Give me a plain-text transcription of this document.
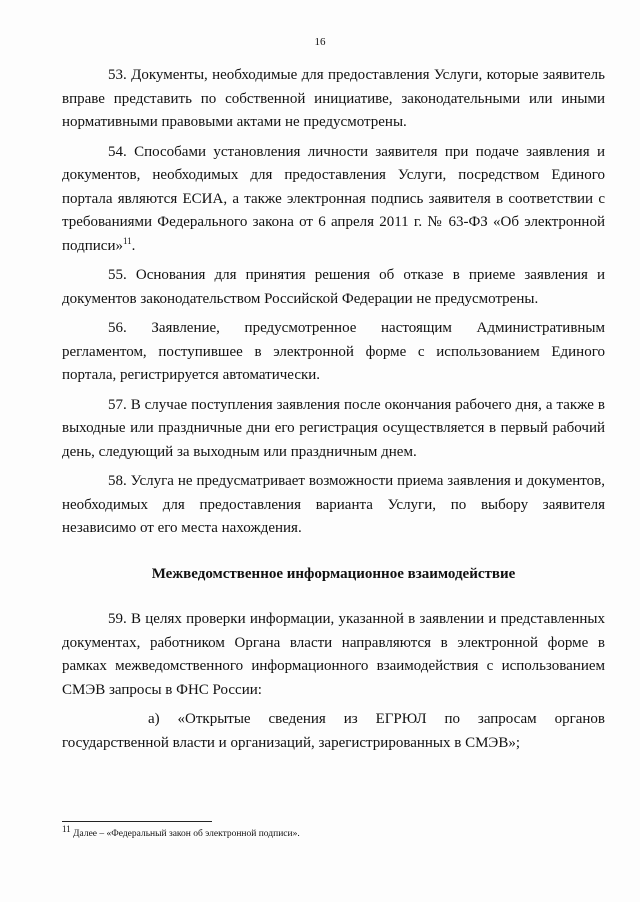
16

53. Документы, необходимые для предоставления Услуги, которые заявитель вправе представить по собственной инициативе, законодательными или иными нормативными правовыми актами не предусмотрены.

54. Способами установления личности заявителя при подаче заявления и документов, необходимых для предоставления Услуги, посредством Единого портала являются ЕСИА, а также электронная подпись заявителя в соответствии с требованиями Федерального закона от 6 апреля 2011 г. № 63-ФЗ «Об электронной подписи»$^{11}$.

55. Основания для принятия решения об отказе в приеме заявления и документов законодательством Российской Федерации не предусмотрены.

56. Заявление, предусмотренное настоящим Административным регламентом, поступившее в электронной форме с использованием Единого портала, регистрируется автоматически.

57. В случае поступления заявления после окончания рабочего дня, а также в выходные или праздничные дни его регистрация осуществляется в первый рабочий день, следующий за выходным или праздничным днем.

58. Услуга не предусматривает возможности приема заявления и документов, необходимых для предоставления варианта Услуги, по выбору заявителя независимо от его места нахождения.

Межведомственное информационное взаимодействие

59. В целях проверки информации, указанной в заявлении и представленных документах, работником Органа власти направляются в электронной форме в рамках межведомственного информационного взаимодействия с использованием СМЭВ запросы в ФНС России:

а) «Открытые сведения из ЕГРЮЛ по запросам органов государственной власти и организаций, зарегистрированных в СМЭВ»;

$^{11}$ Далее – «Федеральный закон об электронной подписи».
